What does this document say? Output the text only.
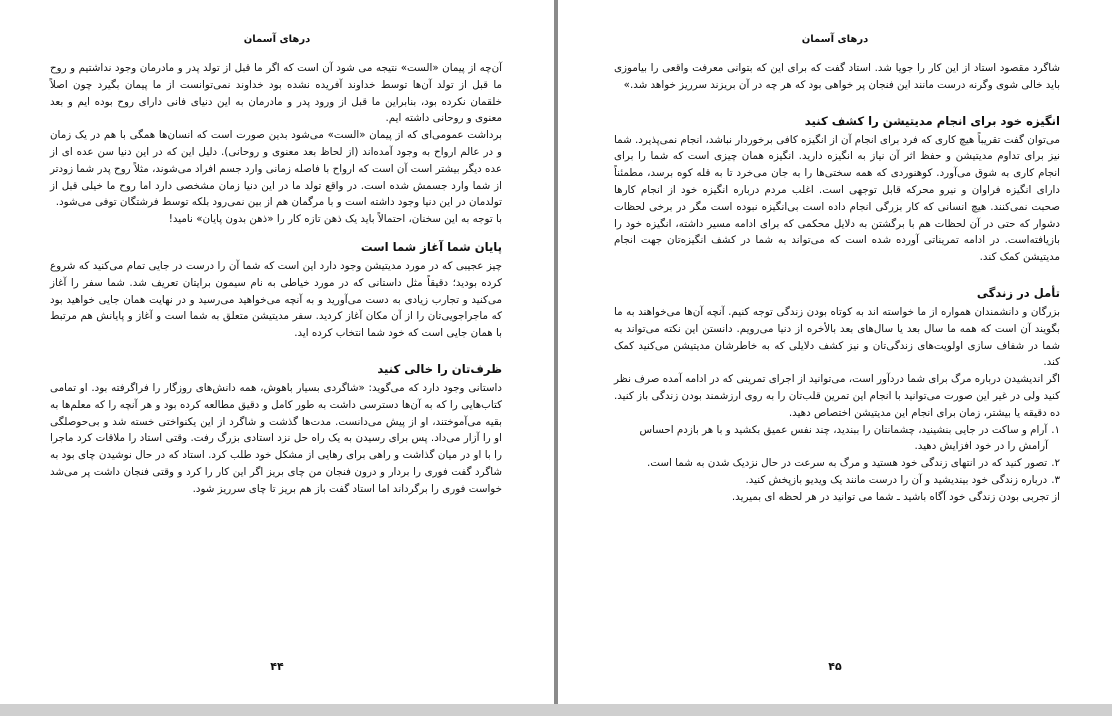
درهای آسمان

آن‌چه از پیمان «الست» نتیجه می شود آن است که اگر ما قبل از تولد پدر و مادرمان وجود نداشتیم و روح ما قبل از تولد آن‌ها توسط خداوند آفریده نشده بود خداوند نمی‌توانست از ما پیمان بگیرد چون اصلاً خلقمان نکرده بود، بنابراین ما قبل از ورود پدر و مادرمان به این دنیای فانی دارای روح بوده ایم و بعد معنوی و روحانی داشته ایم.

برداشت عمومی‌ای که از پیمان «الست» می‌شود بدین صورت است که انسان‌ها همگی با هم در یک زمان و در عالم ارواح به وجود آمده‌اند (از لحاظ بعد معنوی و روحانی). دلیل این که در این دنیا سن عده ای از عده دیگر بیشتر است آن است که ارواح با فاصله زمانی وارد جسم افراد می‌شوند، مثلاً روح پدر شما زودتر از شما وارد جسمش شده است. در واقع تولد ما در این دنیا زمان مشخصی دارد اما روح ما خیلی قبل از تولدمان در این دنیا وجود داشته است و با مرگمان هم از بین نمی‌رود بلکه توسط فرشتگان توفی می‌شود.

با توجه به این سخنان، احتمالاً باید یک ذهن تازه کار را «ذهن بدون پایان» نامید!

پایان شما آغاز شما است

چیز عجیبی که در مورد مدیتیشن وجود دارد این است که شما آن را درست در جایی تمام می‌کنید که شروع کرده بودید؛ دقیقاً مثل داستانی که در مورد خیاطی به نام سیمون برایتان تعریف شد. شما سفر را آغاز می‌کنید و تجارب زیادی به دست می‌آورید و به آنچه می‌خواهید می‌رسید و در نهایت همان جایی خواهید بود که ماجراجویی‌تان را از آن مکان آغاز کردید. سفر مدیتیشن متعلق به شما است و آغاز و پایانش هم مرتبط با همان جایی است که خود شما انتخاب کرده اید.

ظرف‌تان را خالی کنید

داستانی وجود دارد که می‌گوید: «شاگردی بسیار باهوش، همه دانش‌های روزگار را فراگرفته بود. او تمامی کتاب‌هایی را که به آن‌ها دسترسی داشت به طور کامل و دقیق مطالعه کرده بود و هر آنچه را که معلم‌ها به بقیه می‌آموختند، او از پیش می‌دانست. مدت‌ها گذشت و شاگرد از این یکنواختی خسته شد و بی‌حوصلگی او را آزار می‌داد. پس برای رسیدن به یک راه حل نزد استادی بزرگ رفت. وقتی استاد را ملاقات کرد ماجرا را با او در میان گذاشت و راهی برای رهایی از مشکل خود طلب کرد. استاد که در حال نوشیدن چای بود به شاگرد گفت فوری را بردار و درون فنجان من چای بریز اگر این کار را کرد و وقتی فنجان داشت پر می‌شد خواست فوری را برگرداند اما استاد گفت باز هم بریز تا چای سرریز شود.

۴۴
درهای آسمان

شاگرد مقصود استاد از این کار را جویا شد. استاد گفت که برای این که بتوانی معرفت واقعی را بیاموزی باید خالی شوی وگرنه درست مانند این فنجان پر خواهی بود که هر چه در آن بریزند سرریز خواهد شد.»

انگیزه خود برای انجام مدیتیشن را کشف کنید

می‌توان گفت تقریباً هیچ کاری که فرد برای انجام آن از انگیزه کافی برخوردار نباشد، انجام نمی‌پذیرد. شما نیز برای تداوم مدیتیشن و حفظ اثر آن نیاز به انگیزه دارید. انگیزه همان چیزی است که شما را برای انجام کاری به شوق می‌آورد. کوهنوردی که همه سختی‌ها را به جان می‌خرد تا به قله کوه برسد، مطمئناً دارای انگیزه فراوان و نیرو محرکه قابل توجهی است. اغلب مردم درباره انگیزه خود از انجام کارها صحبت نمی‌کنند. هیچ انسانی که کار بزرگی انجام داده است بی‌انگیزه نبوده است مگر در برخی لحظات دشوار که حتی در آن لحظات هم با برگشتن به دلایل محکمی که برای ادامه مسیر داشته، انگیزه خود را بازیافته‌است. در ادامه تمریناتی آورده شده است که می‌تواند به شما در کشف انگیزه‌تان جهت انجام مدیتیشن کمک کند.

تأمل در زندگی

بزرگان و دانشمندان همواره از ما خواسته اند به کوتاه بودن زندگی توجه کنیم. آنچه آن‌ها می‌خواهند به ما بگویند آن است که همه ما سال بعد یا سال‌های بعد بالأخره از دنیا می‌رویم. دانستن این نکته می‌تواند به شما در شفاف سازی اولویت‌های زندگی‌تان و نیز کشف دلایلی که به خاطرشان مدیتیشن می‌کنید کمک کند.

اگر اندیشیدن درباره مرگ برای شما دردآور است، می‌توانید از اجرای تمرینی که در ادامه آمده صرف نظر کنید ولی در غیر این صورت می‌توانید با انجام این تمرین قلب‌تان را به روی ارزشمند بودن زندگی باز کنید. ده دقیقه یا بیشتر، زمان برای انجام این مدیتیشن اختصاص دهید.

۱.آرام و ساکت در جایی بنشینید، چشمانتان را ببندید، چند نفس عمیق بکشید و با هر بازدم احساس

آرامش را در خود افزایش دهید.

۲.تصور کنید که در انتهای زندگی خود هستید و مرگ به سرعت در حال نزدیک شدن به شما است.

۳.درباره زندگی خود بیندیشید و آن را درست مانند یک ویدیو بازپخش کنید.

از تجربی بودن زندگی خود آگاه باشید ـ شما می توانید در هر لحظه ای بمیرید.

۴۵
